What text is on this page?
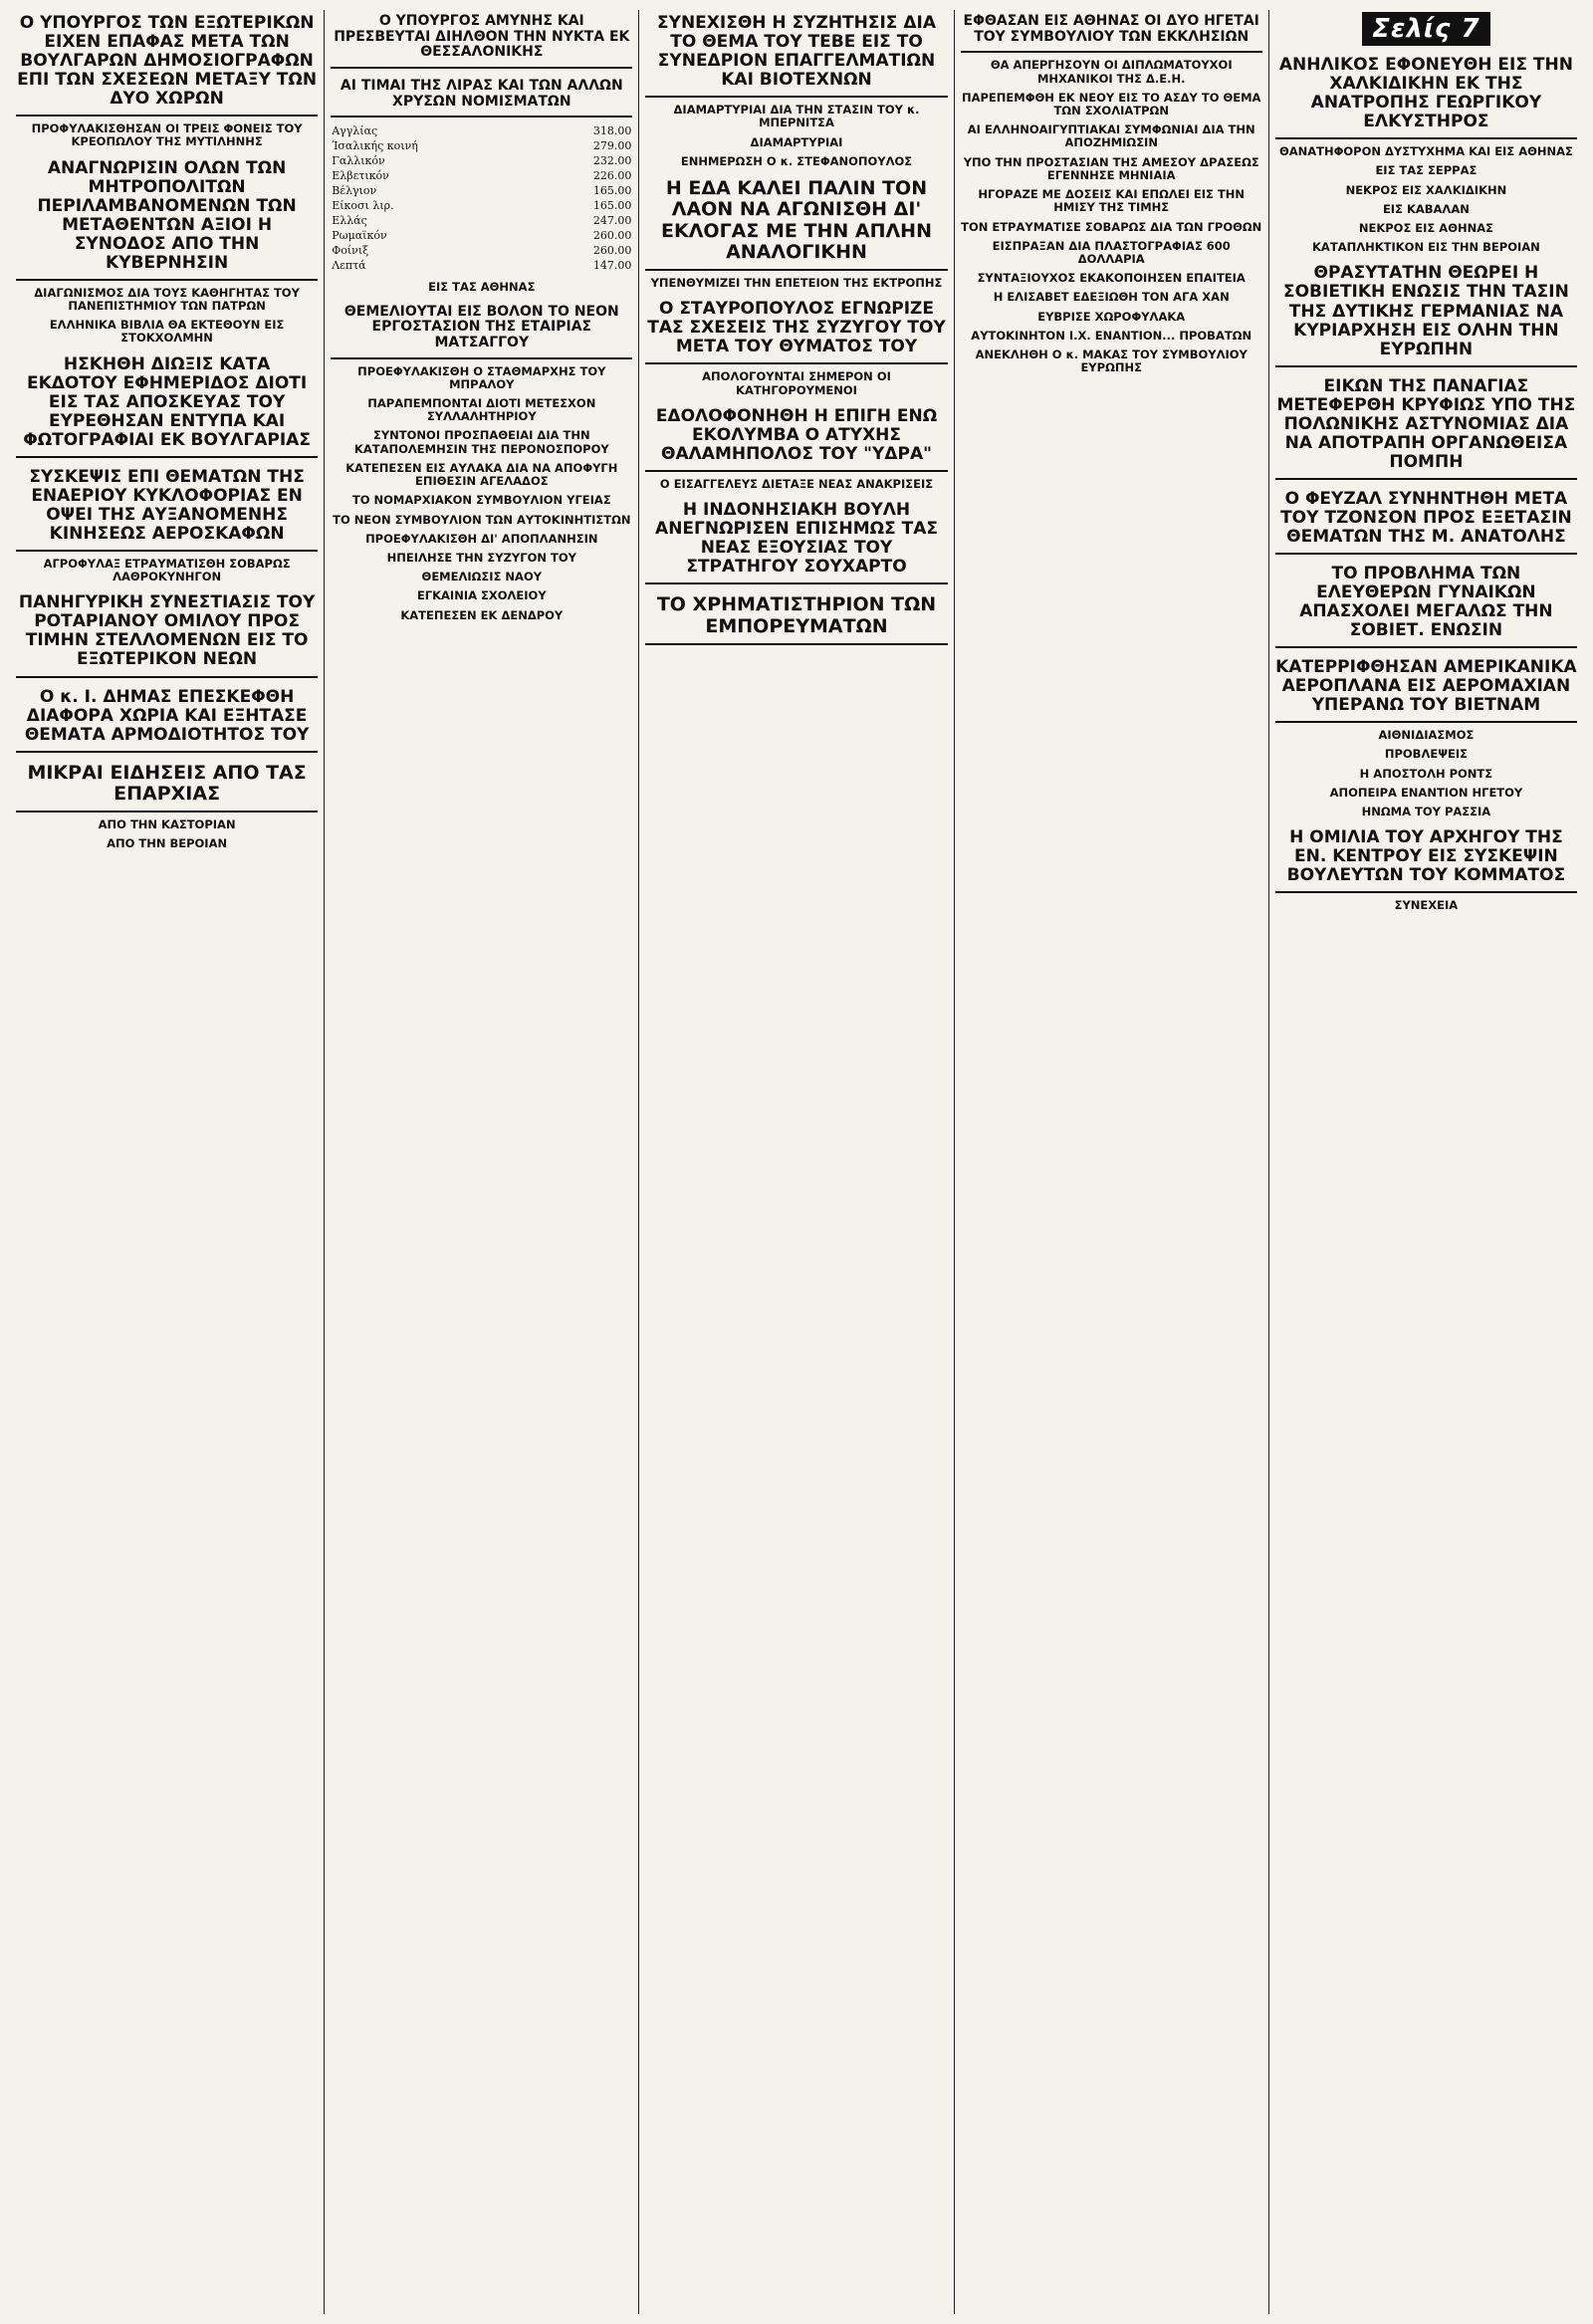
Ο ΥΠΟΥΡΓΟΣ ΤΩΝ ΕΞΩΤΕΡΙΚΩΝ ΕΙΧΕΝ ΕΠΑΦΑΣ ΜΕΤΑ ΤΩΝ ΒΟΥΛΓΑΡΩΝ ΔΗΜΟΣΙΟΓΡΑΦΩΝ ΕΠΙ ΤΩΝ ΣΧΕΣΕΩΝ ΜΕΤΑΞΥ ΤΩΝ ΔΥΟ ΧΩΡΩΝ
ΠΡΟΦΥΛΑΚΙΣΘΗΣΑΝ ΟΙ ΤΡΕΙΣ ΦΟΝΕΙΣ ΤΟΥ ΚΡΕΟΠΩΛΟΥ ΤΗΣ ΜΥΤΙΛΗΝΗΣ
ΑΝΑΓΝΩΡΙΣΙΝ ΟΛΩΝ ΤΩΝ ΜΗΤΡΟΠΟΛΙΤΩΝ ΠΕΡΙΛΑΜΒΑΝΟΜΕΝΩΝ ΤΩΝ ΜΕΤΑΘΕΝΤΩΝ ΑΞΙΟΙ Η ΣΥΝΟΔΟΣ ΑΠΟ ΤΗΝ ΚΥΒΕΡΝΗΣΙΝ
ΔΙΑΓΩΝΙΣΜΟΣ ΔΙΑ ΤΟΥΣ ΚΑΘΗΓΗΤΑΣ ΤΟΥ ΠΑΝΕΠΙΣΤΗΜΙΟΥ ΤΩΝ ΠΑΤΡΩΝ
ΕΛΛΗΝΙΚΑ ΒΙΒΛΙΑ ΘΑ ΕΚΤΕΘΟΥΝ ΕΙΣ ΣΤΟΚΧΟΛΜΗΝ
ΗΣΚΗΘΗ ΔΙΩΞΙΣ ΚΑΤΑ ΕΚΔΟΤΟΥ ΕΦΗΜΕΡΙΔΟΣ ΔΙΟΤΙ ΕΙΣ ΤΑΣ ΑΠΟΣΚΕΥΑΣ ΤΟΥ ΕΥΡΕΘΗΣΑΝ ΕΝΤΥΠΑ ΚΑΙ ΦΩΤΟΓΡΑΦΙΑΙ ΕΚ ΒΟΥΛΓΑΡΙΑΣ
ΣΥΣΚΕΨΙΣ ΕΠΙ ΘΕΜΑΤΩΝ ΤΗΣ ΕΝΑΕΡΙΟΥ ΚΥΚΛΟΦΟΡΙΑΣ ΕΝ ΟΨΕΙ ΤΗΣ ΑΥΞΑΝΟΜΕΝΗΣ ΚΙΝΗΣΕΩΣ ΑΕΡΟΣΚΑΦΩΝ
ΑΓΡΟΦΥΛΑΞ ΕΤΡΑΥΜΑΤΙΣΘΗ ΣΟΒΑΡΩΣ ΛΑΘΡΟΚΥΝΗΓΟΝ
ΠΑΝΗΓΥΡΙΚΗ ΣΥΝΕΣΤΙΑΣΙΣ ΤΟΥ ΡΟΤΑΡΙΑΝΟΥ ΟΜΙΛΟΥ ΠΡΟΣ ΤΙΜΗΝ ΣΤΕΛΛΟΜΕΝΩΝ ΕΙΣ ΤΟ ΕΞΩΤΕΡΙΚΟΝ ΝΕΩΝ
Ο κ. Ι. ΔΗΜΑΣ ΕΠΕΣΚΕΦΘΗ ΔΙΑΦΟΡΑ ΧΩΡΙΑ ΚΑΙ ΕΞΗΤΑΣΕ ΘΕΜΑΤΑ ΑΡΜΟΔΙΟΤΗΤΟΣ ΤΟΥ
ΜΙΚΡΑΙ ΕΙΔΗΣΕΙΣ ΑΠΟ ΤΑΣ ΕΠΑΡΧΙΑΣ
ΑΠΟ ΤΗΝ ΚΑΣΤΟΡΙΑΝ
ΑΠΟ ΤΗΝ ΒΕΡΟΙΑΝ
Ο ΥΠΟΥΡΓΟΣ ΑΜΥΝΗΣ ΚΑΙ ΠΡΕΣΒΕΥΤΑΙ ΔΙΗΛΘΟΝ ΤΗΝ ΝΥΚΤΑ ΕΚ ΘΕΣΣΑΛΟΝΙΚΗΣ
ΑΙ ΤΙΜΑΙ ΤΗΣ ΛΙΡΑΣ ΚΑΙ ΤΩΝ ΑΛΛΩΝ ΧΡΥΣΩΝ ΝΟΜΙΣΜΑΤΩΝ
Αγγλίας	318.00
Ίσαλικής κοινή	279.00
Γαλλικόν	232.00
Ελβετικόν	226.00
Βέλγιον	165.00
Είκοσι λιρ.	165.00
Ελλάς	247.00
Ρωμαϊκόν	260.00
Φοίνιξ	260.00
Λεπτά	147.00
ΕΙΣ ΤΑΣ ΑΘΗΝΑΣ
ΘΕΜΕΛΙΟΥΤΑΙ ΕΙΣ ΒΟΛΟΝ ΤΟ ΝΕΟΝ ΕΡΓΟΣΤΑΣΙΟΝ ΤΗΣ ΕΤΑΙΡΙΑΣ ΜΑΤΣΑΓΓΟΥ
ΠΡΟΕΦΥΛΑΚΙΣΘΗ Ο ΣΤΑΘΜΑΡΧΗΣ ΤΟΥ ΜΠΡΑΛΟΥ
ΠΑΡΑΠΕΜΠΟΝΤΑΙ ΔΙΟΤΙ ΜΕΤΕΣΧΟΝ ΣΥΛΛΑΛΗΤΗΡΙΟΥ
ΣΥΝΤΟΝΟΙ ΠΡΟΣΠΑΘΕΙΑΙ ΔΙΑ ΤΗΝ ΚΑΤΑΠΟΛΕΜΗΣΙΝ ΤΗΣ ΠΕΡΟΝΟΣΠΟΡΟΥ
ΚΑΤΕΠΕΣΕΝ ΕΙΣ ΑΥΛΑΚΑ ΔΙΑ ΝΑ ΑΠΟΦΥΓΗ ΕΠΙΘΕΣΙΝ ΑΓΕΛΑΔΟΣ
ΤΟ ΝΟΜΑΡΧΙΑΚΟΝ ΣΥΜΒΟΥΛΙΟΝ ΥΓΕΙΑΣ
ΤΟ ΝΕΟΝ ΣΥΜΒΟΥΛΙΟΝ ΤΩΝ ΑΥΤΟΚΙΝΗΤΙΣΤΩΝ
ΠΡΟΕΦΥΛΑΚΙΣΘΗ ΔΙ' ΑΠΟΠΛΑΝΗΣΙΝ
ΗΠΕΙΛΗΣΕ ΤΗΝ ΣΥΖΥΓΟΝ ΤΟΥ
ΘΕΜΕΛΙΩΣΙΣ ΝΑΟΥ
ΕΓΚΑΙΝΙΑ ΣΧΟΛΕΙΟΥ
ΚΑΤΕΠΕΣΕΝ ΕΚ ΔΕΝΔΡΟΥ
ΣΥΝΕΧΙΣΘΗ Η ΣΥΖΗΤΗΣΙΣ ΔΙΑ ΤΟ ΘΕΜΑ ΤΟΥ ΤΕΒΕ ΕΙΣ ΤΟ ΣΥΝΕΔΡΙΟΝ ΕΠΑΓΓΕΛΜΑΤΙΩΝ ΚΑΙ ΒΙΟΤΕΧΝΩΝ
ΔΙΑΜΑΡΤΥΡΙΑΙ ΔΙΑ ΤΗΝ ΣΤΑΣΙΝ ΤΟΥ κ. ΜΠΕΡΝΙΤΣΑ
ΔΙΑΜΑΡΤΥΡΙΑΙ
ΕΝΗΜΕΡΩΣΗ Ο κ. ΣΤΕΦΑΝΟΠΟΥΛΟΣ
Η ΕΔΑ ΚΑΛΕΙ ΠΑΛΙΝ ΤΟΝ ΛΑΟΝ ΝΑ ΑΓΩΝΙΣΘΗ ΔΙ' ΕΚΛΟΓΑΣ ΜΕ ΤΗΝ ΑΠΛΗΝ ΑΝΑΛΟΓΙΚΗΝ
ΥΠΕΝΘΥΜΙΖΕΙ ΤΗΝ ΕΠΕΤΕΙΟΝ ΤΗΣ ΕΚΤΡΟΠΗΣ
Ο ΣΤΑΥΡΟΠΟΥΛΟΣ ΕΓΝΩΡΙΖΕ ΤΑΣ ΣΧΕΣΕΙΣ ΤΗΣ ΣΥΖΥΓΟΥ ΤΟΥ ΜΕΤΑ ΤΟΥ ΘΥΜΑΤΟΣ ΤΟΥ
ΑΠΟΛΟΓΟΥΝΤΑΙ ΣΗΜΕΡΟΝ ΟΙ ΚΑΤΗΓΟΡΟΥΜΕΝΟΙ
ΕΔΟΛΟΦΟΝΗΘΗ Η ΕΠΙΓΗ ΕΝΩ ΕΚΟΛΥΜΒΑ Ο ΑΤΥΧΗΣ ΘΑΛΑΜΗΠΟΛΟΣ ΤΟΥ "ΥΔΡΑ"
Ο ΕΙΣΑΓΓΕΛΕΥΣ ΔΙΕΤΑΞΕ ΝΕΑΣ ΑΝΑΚΡΙΣΕΙΣ
Η ΙΝΔΟΝΗΣΙΑΚΗ ΒΟΥΛΗ ΑΝΕΓΝΩΡΙΣΕΝ ΕΠΙΣΗΜΩΣ ΤΑΣ ΝΕΑΣ ΕΞΟΥΣΙΑΣ ΤΟΥ ΣΤΡΑΤΗΓΟΥ ΣΟΥΧΑΡΤΟ
ΤΟ ΧΡΗΜΑΤΙΣΤΗΡΙΟΝ ΤΩΝ ΕΜΠΟΡΕΥΜΑΤΩΝ
ΕΦΘΑΣΑΝ ΕΙΣ ΑΘΗΝΑΣ ΟΙ ΔΥΟ ΗΓΕΤΑΙ ΤΟΥ ΣΥΜΒΟΥΛΙΟΥ ΤΩΝ ΕΚΚΛΗΣΙΩΝ
ΘΑ ΑΠΕΡΓΗΣΟΥΝ ΟΙ ΔΙΠΛΩΜΑΤΟΥΧΟΙ ΜΗΧΑΝΙΚΟΙ ΤΗΣ Δ.Ε.Η.
ΠΑΡΕΠΕΜΦΘΗ ΕΚ ΝΕΟΥ ΕΙΣ ΤΟ ΑΣΔΥ ΤΟ ΘΕΜΑ ΤΩΝ ΣΧΟΛΙΑΤΡΩΝ
ΑΙ ΕΛΛΗΝΟΑΙΓΥΠΤΙΑΚΑΙ ΣΥΜΦΩΝΙΑΙ ΔΙΑ ΤΗΝ ΑΠΟΖΗΜΙΩΣΙΝ
ΥΠΟ ΤΗΝ ΠΡΟΣΤΑΣΙΑΝ ΤΗΣ ΑΜΕΣΟΥ ΔΡΑΣΕΩΣ ΕΓΕΝΝΗΣΕ ΜΗΝΙΑΙΑ
ΗΓΟΡΑΖΕ ΜΕ ΔΟΣΕΙΣ ΚΑΙ ΕΠΩΛΕΙ ΕΙΣ ΤΗΝ ΗΜΙΣΥ ΤΗΣ ΤΙΜΗΣ
ΤΟΝ ΕΤΡΑΥΜΑΤΙΣΕ ΣΟΒΑΡΩΣ ΔΙΑ ΤΩΝ ΓΡΟΘΩΝ
ΕΙΣΠΡΑΞΑΝ ΔΙΑ ΠΛΑΣΤΟΓΡΑΦΙΑΣ 600 ΔΟΛΛΑΡΙΑ
ΣΥΝΤΑΞΙΟΥΧΟΣ ΕΚΑΚΟΠΟΙΗΣΕΝ ΕΠΑΙΤΕΙΑ
Η ΕΛΙΣΑΒΕΤ ΕΔΕΞΙΩΘΗ ΤΟΝ ΑΓΑ ΧΑΝ
ΕΥΒΡΙΣΕ ΧΩΡΟΦΥΛΑΚΑ
ΑΥΤΟΚΙΝΗΤΟΝ Ι.Χ. ΕΝΑΝΤΙΟΝ... ΠΡΟΒΑΤΩΝ
ΑΝΕΚΛΗΘΗ Ο κ. ΜΑΚΑΣ ΤΟΥ ΣΥΜΒΟΥΛΙΟΥ ΕΥΡΩΠΗΣ
Σελίς 7
ΑΝΗΛΙΚΟΣ ΕΦΟΝΕΥΘΗ ΕΙΣ ΤΗΝ ΧΑΛΚΙΔΙΚΗΝ ΕΚ ΤΗΣ ΑΝΑΤΡΟΠΗΣ ΓΕΩΡΓΙΚΟΥ ΕΛΚΥΣΤΗΡΟΣ
ΘΑΝΑΤΗΦΟΡΟΝ ΔΥΣΤΥΧΗΜΑ ΚΑΙ ΕΙΣ ΑΘΗΝΑΣ
ΕΙΣ ΤΑΣ ΣΕΡΡΑΣ
ΝΕΚΡΟΣ ΕΙΣ ΧΑΛΚΙΔΙΚΗΝ
ΕΙΣ ΚΑΒΑΛΑΝ
ΝΕΚΡΟΣ ΕΙΣ ΑΘΗΝΑΣ
ΚΑΤΑΠΛΗΚΤΙΚΟΝ ΕΙΣ ΤΗΝ ΒΕΡΟΙΑΝ
ΘΡΑΣΥΤΑΤΗΝ ΘΕΩΡΕΙ Η ΣΟΒΙΕΤΙΚΗ ΕΝΩΣΙΣ ΤΗΝ ΤΑΣΙΝ ΤΗΣ ΔΥΤΙΚΗΣ ΓΕΡΜΑΝΙΑΣ ΝΑ ΚΥΡΙΑΡΧΗΣΗ ΕΙΣ ΟΛΗΝ ΤΗΝ ΕΥΡΩΠΗΝ
ΕΙΚΩΝ ΤΗΣ ΠΑΝΑΓΙΑΣ ΜΕΤΕΦΕΡΘΗ ΚΡΥΦΙΩΣ ΥΠΟ ΤΗΣ ΠΟΛΩΝΙΚΗΣ ΑΣΤΥΝΟΜΙΑΣ ΔΙΑ ΝΑ ΑΠΟΤΡΑΠΗ ΟΡΓΑΝΩΘΕΙΣΑ ΠΟΜΠΗ
Ο ΦΕΥΖΑΛ ΣΥΝΗΝΤΗΘΗ ΜΕΤΑ ΤΟΥ ΤΖΟΝΣΟΝ ΠΡΟΣ ΕΞΕΤΑΣΙΝ ΘΕΜΑΤΩΝ ΤΗΣ Μ. ΑΝΑΤΟΛΗΣ
ΤΟ ΠΡΟΒΛΗΜΑ ΤΩΝ ΕΛΕΥΘΕΡΩΝ ΓΥΝΑΙΚΩΝ ΑΠΑΣΧΟΛΕΙ ΜΕΓΑΛΩΣ ΤΗΝ ΣΟΒΙΕΤ. ΕΝΩΣΙΝ
ΚΑΤΕΡΡΙΦΘΗΣΑΝ ΑΜΕΡΙΚΑΝΙΚΑ ΑΕΡΟΠΛΑΝΑ ΕΙΣ ΑΕΡΟΜΑΧΙΑΝ ΥΠΕΡΑΝΩ ΤΟΥ ΒΙΕΤΝΑΜ
ΑΙΘΝΙΔΙΑΣΜΟΣ
ΠΡΟΒΛΕΨΕΙΣ
Η ΑΠΟΣΤΟΛΗ ΡΟΝΤΣ
ΑΠΟΠΕΙΡΑ ΕΝΑΝΤΙΟΝ ΗΓΕΤΟΥ
ΗΝΩΜΑ ΤΟΥ ΡΑΣΣΙΑ
Η ΟΜΙΛΙΑ ΤΟΥ ΑΡΧΗΓΟΥ ΤΗΣ ΕΝ. ΚΕΝΤΡΟΥ ΕΙΣ ΣΥΣΚΕΨΙΝ ΒΟΥΛΕΥΤΩΝ ΤΟΥ ΚΟΜΜΑΤΟΣ
ΣΥΝΕΧΕΙΑ
